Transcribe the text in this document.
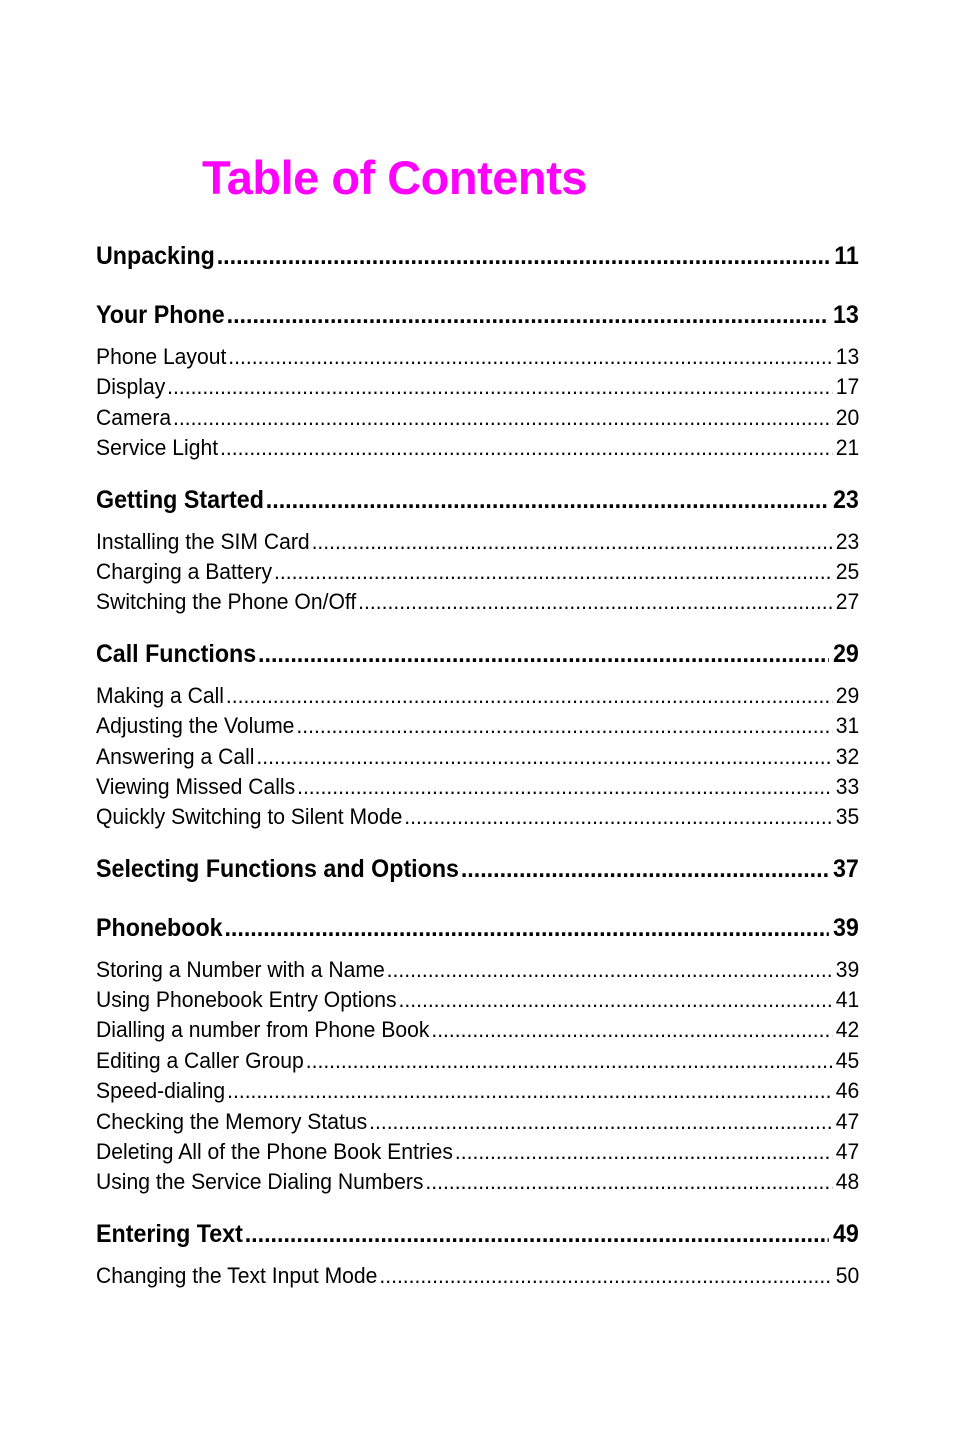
Table of Contents
Unpacking .....	11
Your Phone .....	13
Phone Layout .....	13
Display .....	17
Camera .....	20
Service Light .....	21
Getting Started .....	23
Installing the SIM Card .....	23
Charging a Battery .....	25
Switching the Phone On/Off .....	27
Call Functions .....	29
Making a Call .....	29
Adjusting the Volume .....	31
Answering a Call .....	32
Viewing Missed Calls .....	33
Quickly Switching to Silent Mode .....	35
Selecting Functions and Options .....	37
Phonebook .....	39
Storing a Number with a Name .....	39
Using Phonebook Entry Options .....	41
Dialling a number from Phone Book .....	42
Editing a Caller Group .....	45
Speed-dialing .....	46
Checking the Memory Status .....	47
Deleting All of the Phone Book Entries .....	47
Using the Service Dialing Numbers .....	48
Entering Text .....	49
Changing the Text Input Mode .....	50
